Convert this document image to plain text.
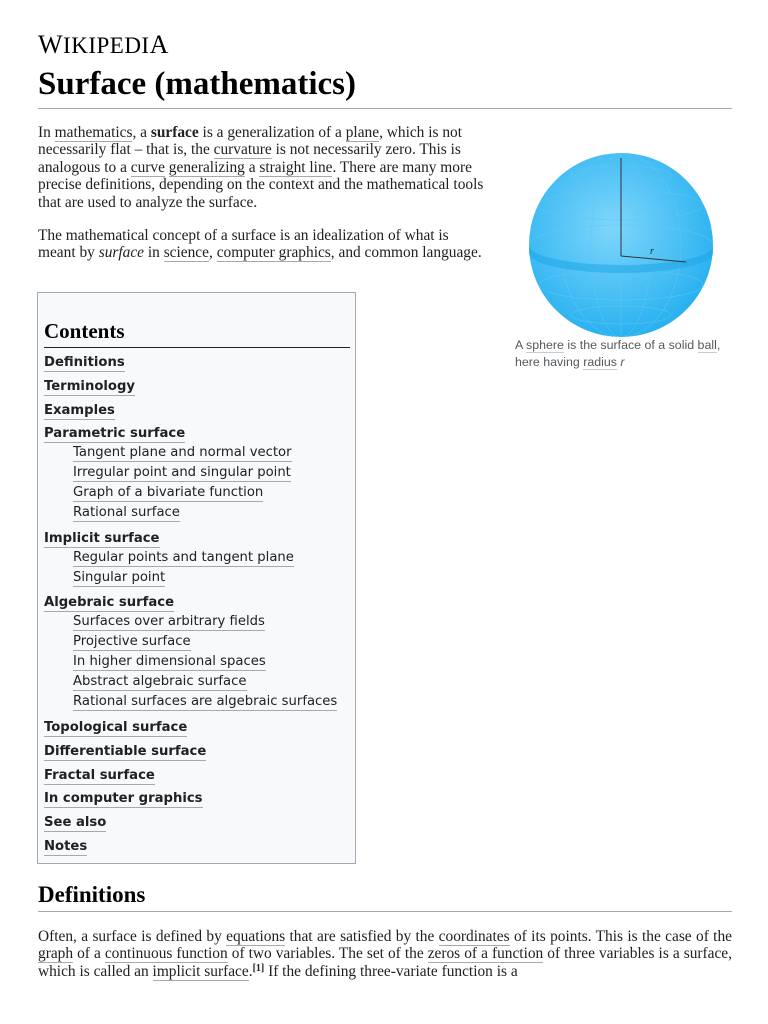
WIKIPEDIA
Surface (mathematics)
In mathematics, a surface is a generalization of a plane, which is not necessarily flat – that is, the curvature is not necessarily zero. This is analogous to a curve generalizing a straight line. There are many more precise definitions, depending on the context and the mathematical tools that are used to analyze the surface.
The mathematical concept of a surface is an idealization of what is meant by surface in science, computer graphics, and common language.	r
A sphere is the surface of a solid ball, here having radius r
Contents
Definitions
Terminology
Examples
Parametric surface
Tangent plane and normal vector
Irregular point and singular point
Graph of a bivariate function
Rational surface
Implicit surface
Regular points and tangent plane
Singular point
Algebraic surface
Surfaces over arbitrary fields
Projective surface
In higher dimensional spaces
Abstract algebraic surface
Rational surfaces are algebraic surfaces
Topological surface
Differentiable surface
Fractal surface
In computer graphics
See also
Notes
Definitions
Often, a surface is defined by equations that are satisfied by the coordinates of its points. This is the case of the graph of a continuous function of two variables. The set of the zeros of a function of three variables is a surface, which is called an implicit surface.[1] If the defining three-variate function is a
